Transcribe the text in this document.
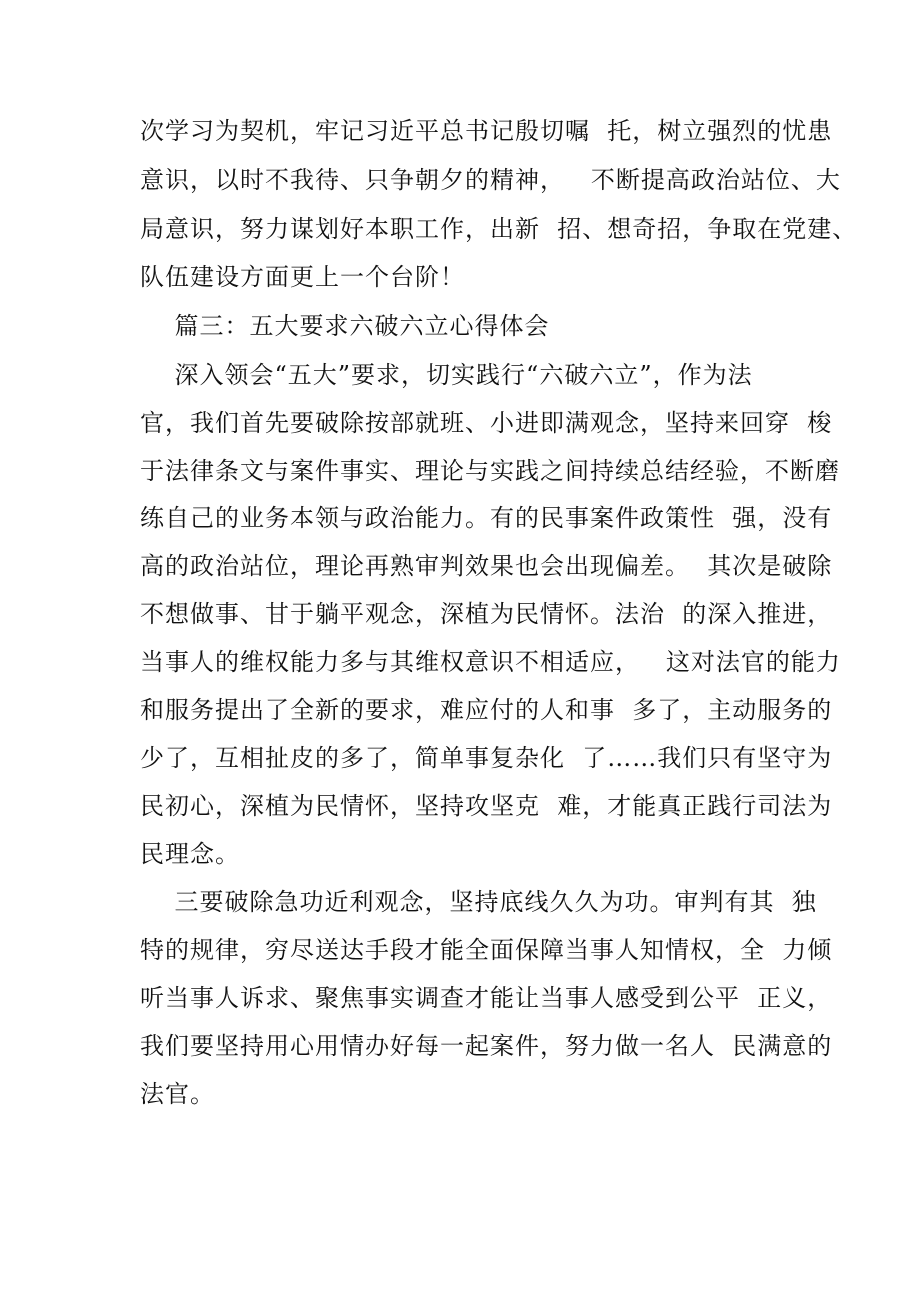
次学习为契机，牢记习近平总书记殷切嘱  托，树立强烈的忧患
意识，以时不我待、只争朝夕的精神，   不断提高政治站位、大
局意识，努力谋划好本职工作，出新  招、想奇招，争取在党建、
队伍建设方面更上一个台阶！
篇三：五大要求六破六立心得体会
深入领会“五大”要求，切实践行“六破六立”，作为法
官，我们首先要破除按部就班、小进即满观念，坚持来回穿  梭
于法律条文与案件事实、理论与实践之间持续总结经验，不断磨
练自己的业务本领与政治能力。有的民事案件政策性  强，没有
高的政治站位，理论再熟审判效果也会出现偏差。  其次是破除
不想做事、甘于躺平观念，深植为民情怀。法治  的深入推进，
当事人的维权能力多与其维权意识不相适应，   这对法官的能力
和服务提出了全新的要求，难应付的人和事  多了，主动服务的
少了，互相扯皮的多了，简单事复杂化  了……我们只有坚守为
民初心，深植为民情怀，坚持攻坚克  难，才能真正践行司法为
民理念。
三要破除急功近利观念，坚持底线久久为功。审判有其  独
特的规律，穷尽送达手段才能全面保障当事人知情权，全  力倾
听当事人诉求、聚焦事实调查才能让当事人感受到公平  正义，
我们要坚持用心用情办好每一起案件，努力做一名人  民满意的
法官。
